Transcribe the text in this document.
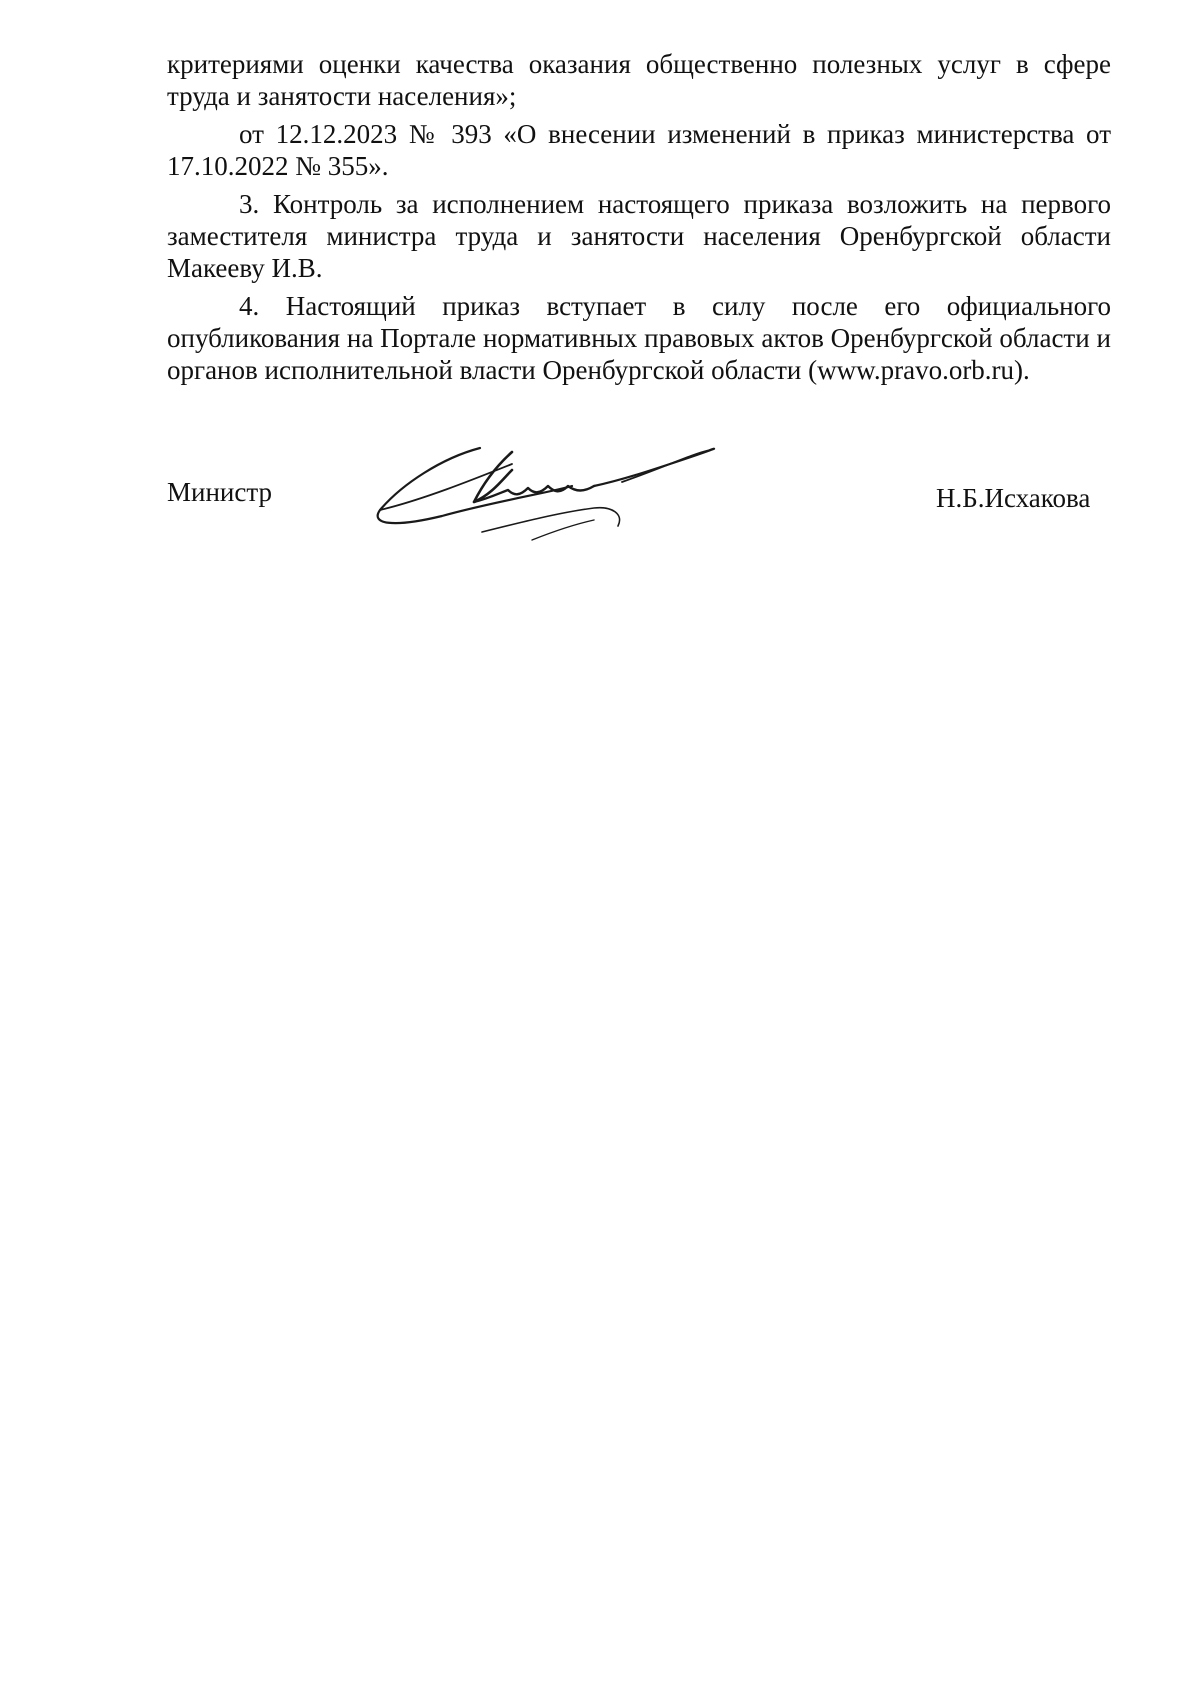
критериями оценки качества оказания общественно полезных услуг в сфере труда и занятости населения»;

от 12.12.2023 № 393 «О внесении изменений в приказ министерства от 17.10.2022 № 355».

3. Контроль за исполнением настоящего приказа возложить на первого заместителя министра труда и занятости населения Оренбургской области Макееву И.В.

4. Настоящий приказ вступает в силу после его официального опубликования на Портале нормативных правовых актов Оренбургской области и органов исполнительной власти Оренбургской области (www.pravo.orb.ru).

Министр	Н.Б.Исхакова
